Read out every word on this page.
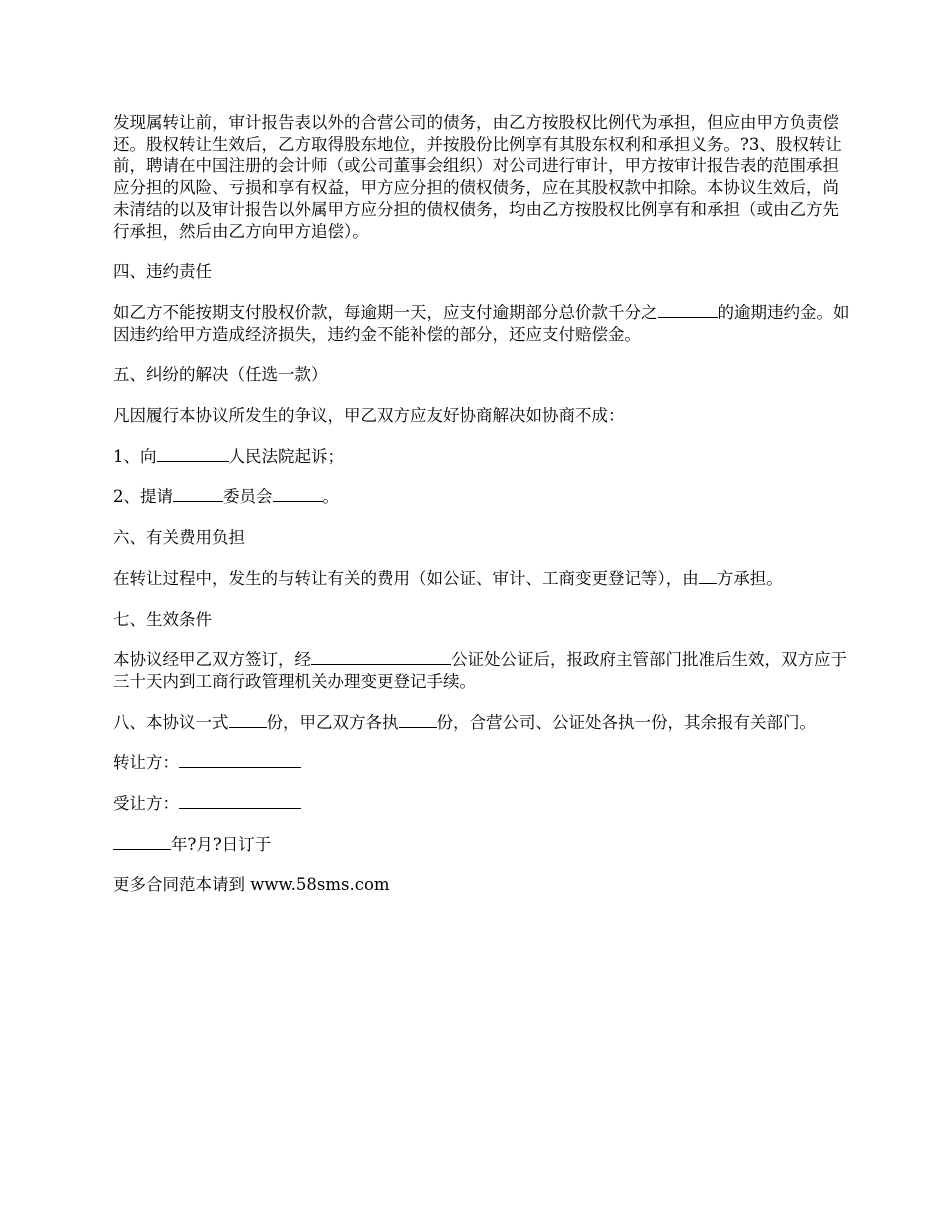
发现属转让前，审计报告表以外的合营公司的债务，由乙方按股权比例代为承担，但应由甲方负责偿还。股权转让生效后，乙方取得股东地位，并按股份比例享有其股东权利和承担义务。?3、股权转让前，聘请在中国注册的会计师（或公司董事会组织）对公司进行审计，甲方按审计报告表的范围承担应分担的风险、亏损和享有权益，甲方应分担的债权债务，应在其股权款中扣除。本协议生效后，尚未清结的以及审计报告以外属甲方应分担的债权债务，均由乙方按股权比例享有和承担（或由乙方先行承担，然后由乙方向甲方追偿）。

四、违约责任

如乙方不能按期支付股权价款，每逾期一天，应支付逾期部分总价款千分之	的逾期违约金。如因违约给甲方造成经济损失，违约金不能补偿的部分，还应支付赔偿金。

五、纠纷的解决（任选一款）

凡因履行本协议所发生的争议，甲乙双方应友好协商解决如协商不成：

1、向	人民法院起诉；

2、提请	委员会	。

六、有关费用负担

在转让过程中，发生的与转让有关的费用（如公证、审计、工商变更登记等），由 方承担。

七、生效条件

本协议经甲乙双方签订，经	公证处公证后，报政府主管部门批准后生效，双方应于三十天内到工商行政管理机关办理变更登记手续。

八、本协议一式 份，甲乙双方各执 份，合营公司、公证处各执一份，其余报有关部门。

转让方：

受让方：

年?月?日订于

更多合同范本请到 www.58sms.com
